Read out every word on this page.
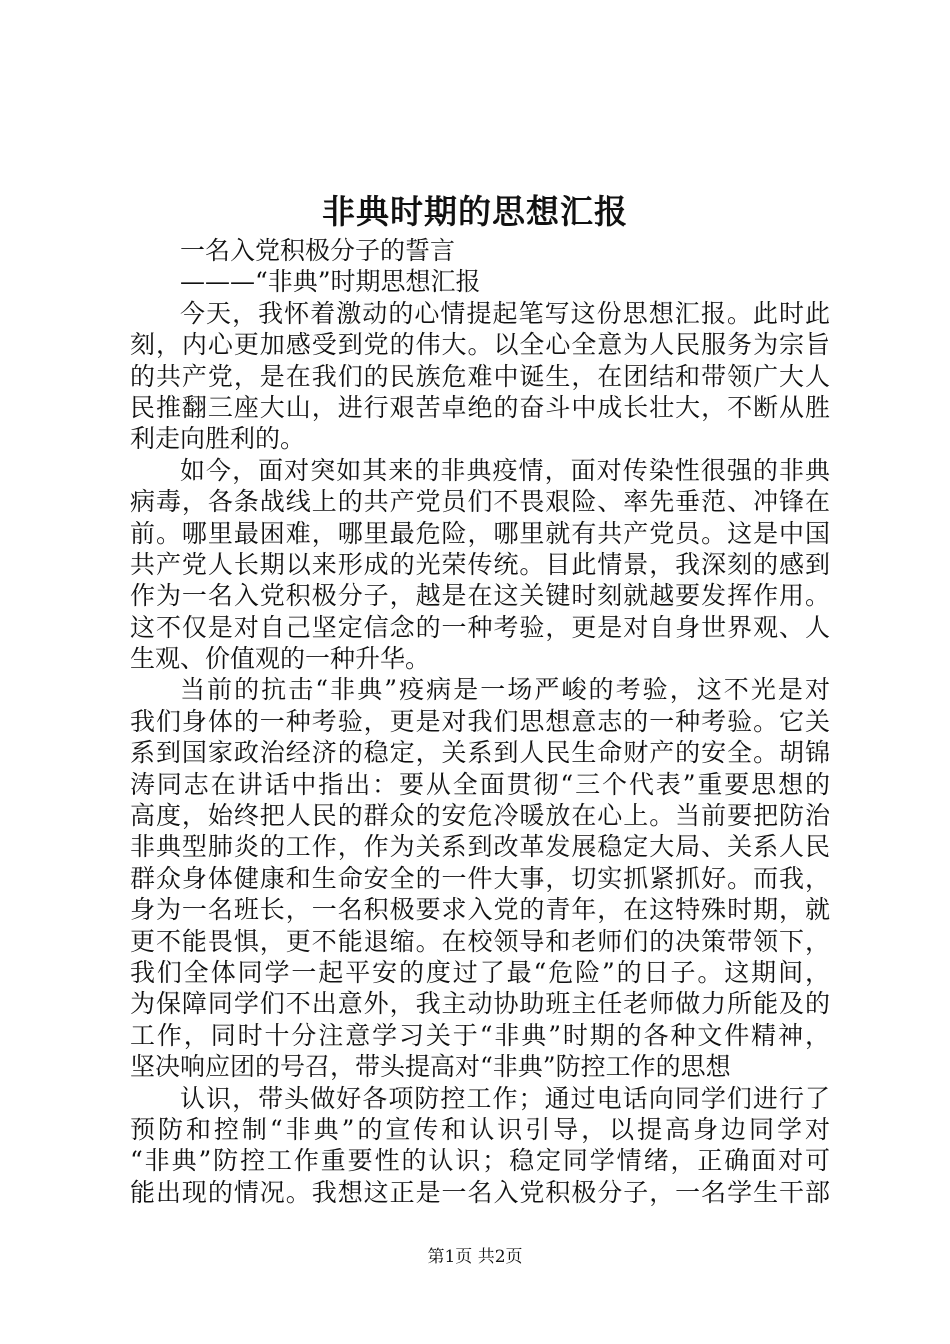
非典时期的思想汇报
一名入党积极分子的誓言
———“非典”时期思想汇报
今天，我怀着激动的心情提起笔写这份思想汇报。此时此
刻，内心更加感受到党的伟大。以全心全意为人民服务为宗旨
的共产党，是在我们的民族危难中诞生，在团结和带领广大人
民推翻三座大山，进行艰苦卓绝的奋斗中成长壮大，不断从胜
利走向胜利的。
如今，面对突如其来的非典疫情，面对传染性很强的非典
病毒，各条战线上的共产党员们不畏艰险、率先垂范、冲锋在
前。哪里最困难，哪里最危险，哪里就有共产党员。这是中国
共产党人长期以来形成的光荣传统。目此情景，我深刻的感到
作为一名入党积极分子，越是在这关键时刻就越要发挥作用。
这不仅是对自己坚定信念的一种考验，更是对自身世界观、人
生观、价值观的一种升华。
当前的抗击“非典”疫病是一场严峻的考验，这不光是对
我们身体的一种考验，更是对我们思想意志的一种考验。它关
系到国家政治经济的稳定，关系到人民生命财产的安全。胡锦
涛同志在讲话中指出：要从全面贯彻“三个代表”重要思想的
高度，始终把人民的群众的安危冷暖放在心上。当前要把防治
非典型肺炎的工作，作为关系到改革发展稳定大局、关系人民
群众身体健康和生命安全的一件大事，切实抓紧抓好。而我，
身为一名班长，一名积极要求入党的青年，在这特殊时期，就
更不能畏惧，更不能退缩。在校领导和老师们的决策带领下，
我们全体同学一起平安的度过了最“危险”的日子。这期间，
为保障同学们不出意外，我主动协助班主任老师做力所能及的
工作，同时十分注意学习关于“非典”时期的各种文件精神，
坚决响应团的号召，带头提高对“非典”防控工作的思想
认识，带头做好各项防控工作；通过电话向同学们进行了
预防和控制“非典”的宣传和认识引导，以提高身边同学对
“非典”防控工作重要性的认识；稳定同学情绪，正确面对可
能出现的情况。我想这正是一名入党积极分子，一名学生干部
第1页 共2页
